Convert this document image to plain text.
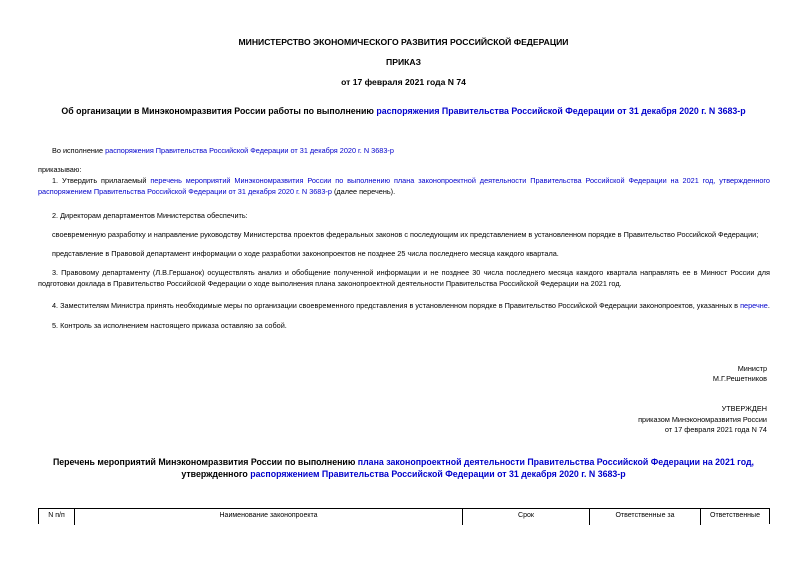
МИНИСТЕРСТВО ЭКОНОМИЧЕСКОГО РАЗВИТИЯ РОССИЙСКОЙ ФЕДЕРАЦИИ
ПРИКАЗ
от 17 февраля 2021 года N 74
Об организации в Минэкономразвития России работы по выполнению распоряжения Правительства Российской Федерации от 31 декабря 2020 г. N 3683-р
Во исполнение распоряжения Правительства Российской Федерации от 31 декабря 2020 г. N 3683-р
приказываю:
1. Утвердить прилагаемый перечень мероприятий Минэкономразвития России по выполнению плана законопроектной деятельности Правительства Российской Федерации на 2021 год, утвержденного распоряжением Правительства Российской Федерации от 31 декабря 2020 г. N 3683-р (далее перечень).
2. Директорам департаментов Министерства обеспечить:
своевременную разработку и направление руководству Министерства проектов федеральных законов с последующим их представлением в установленном порядке в Правительство Российской Федерации;
представление в Правовой департамент информации о ходе разработки законопроектов не позднее 25 числа последнего месяца каждого квартала.
3. Правовому департаменту (Л.В.Гершанок) осуществлять анализ и обобщение полученной информации и не позднее 30 числа последнего месяца каждого квартала направлять ее в Минюст России для подготовки доклада в Правительство Российской Федерации о ходе выполнения плана законопроектной деятельности Правительства Российской Федерации на 2021 год.
4. Заместителям Министра принять необходимые меры по организации своевременного представления в установленном порядке в Правительство Российской Федерации законопроектов, указанных в перечне.
5. Контроль за исполнением настоящего приказа оставляю за собой.
Министр
М.Г.Решетников
УТВЕРЖДЕН
приказом Минэкономразвития России
от 17 февраля 2021 года N 74
Перечень мероприятий Минэкономразвития России по выполнению плана законопроектной деятельности Правительства Российской Федерации на 2021 год,
утвержденного распоряжением Правительства Российской Федерации от 31 декабря 2020 г. N 3683-р
N п/п	Наименование законопроекта	Срок	Ответственные за	Ответственные
